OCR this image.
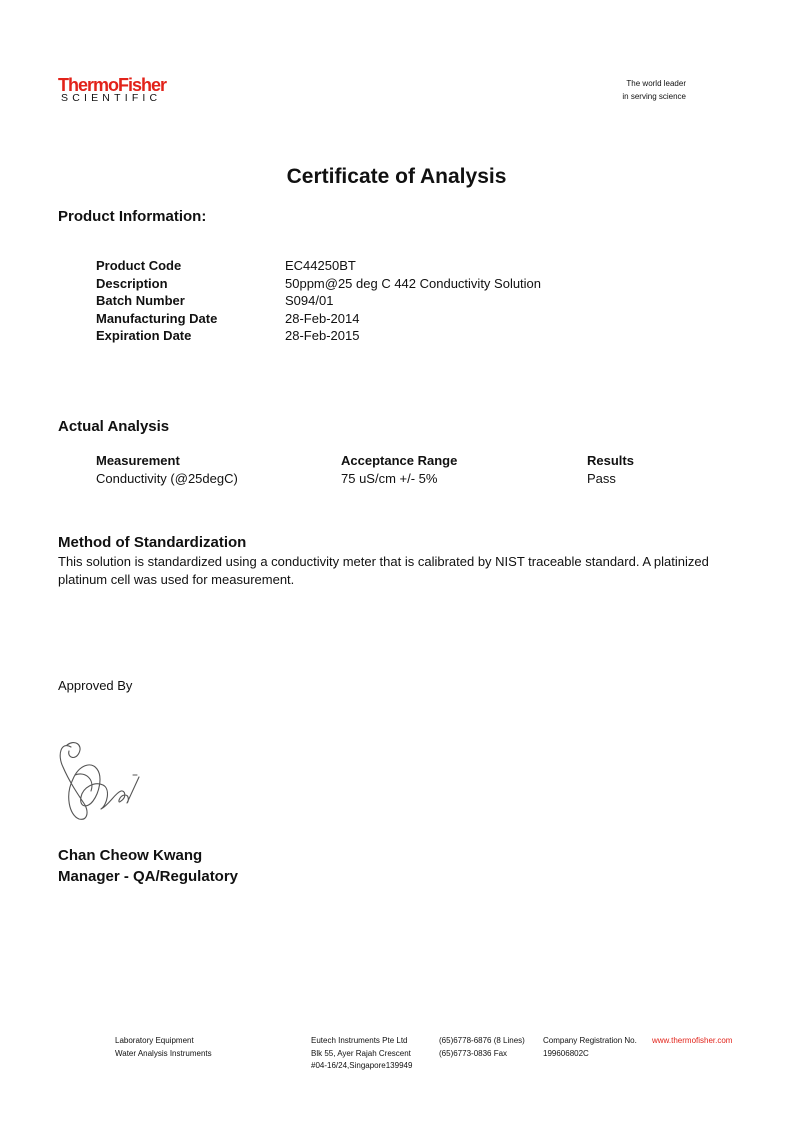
ThermoFisher
SCIENTIFIC
The world leader
in serving science
Certificate of Analysis
Product Information:
Product Code	EC44250BT
Description	50ppm@25 deg C 442 Conductivity Solution
Batch Number	S094/01
Manufacturing Date	28-Feb-2014
Expiration Date	28-Feb-2015
Actual Analysis
Measurement	Acceptance Range	Results
Conductivity (@25degC)	75 uS/cm +/- 5%	Pass
Method of Standardization
This solution is standardized using a conductivity meter that is calibrated by NIST traceable standard. A platinized platinum cell was used for measurement.
Approved By
Chan Cheow Kwang
Manager - QA/Regulatory
Laboratory Equipment
Water Analysis Instruments
Eutech Instruments Pte Ltd
Blk 55, Ayer Rajah Crescent
#04-16/24,Singapore139949
(65)6778-6876 (8 Lines)
(65)6773-0836 Fax
Company Registration No.
199606802C
www.thermofisher.com
